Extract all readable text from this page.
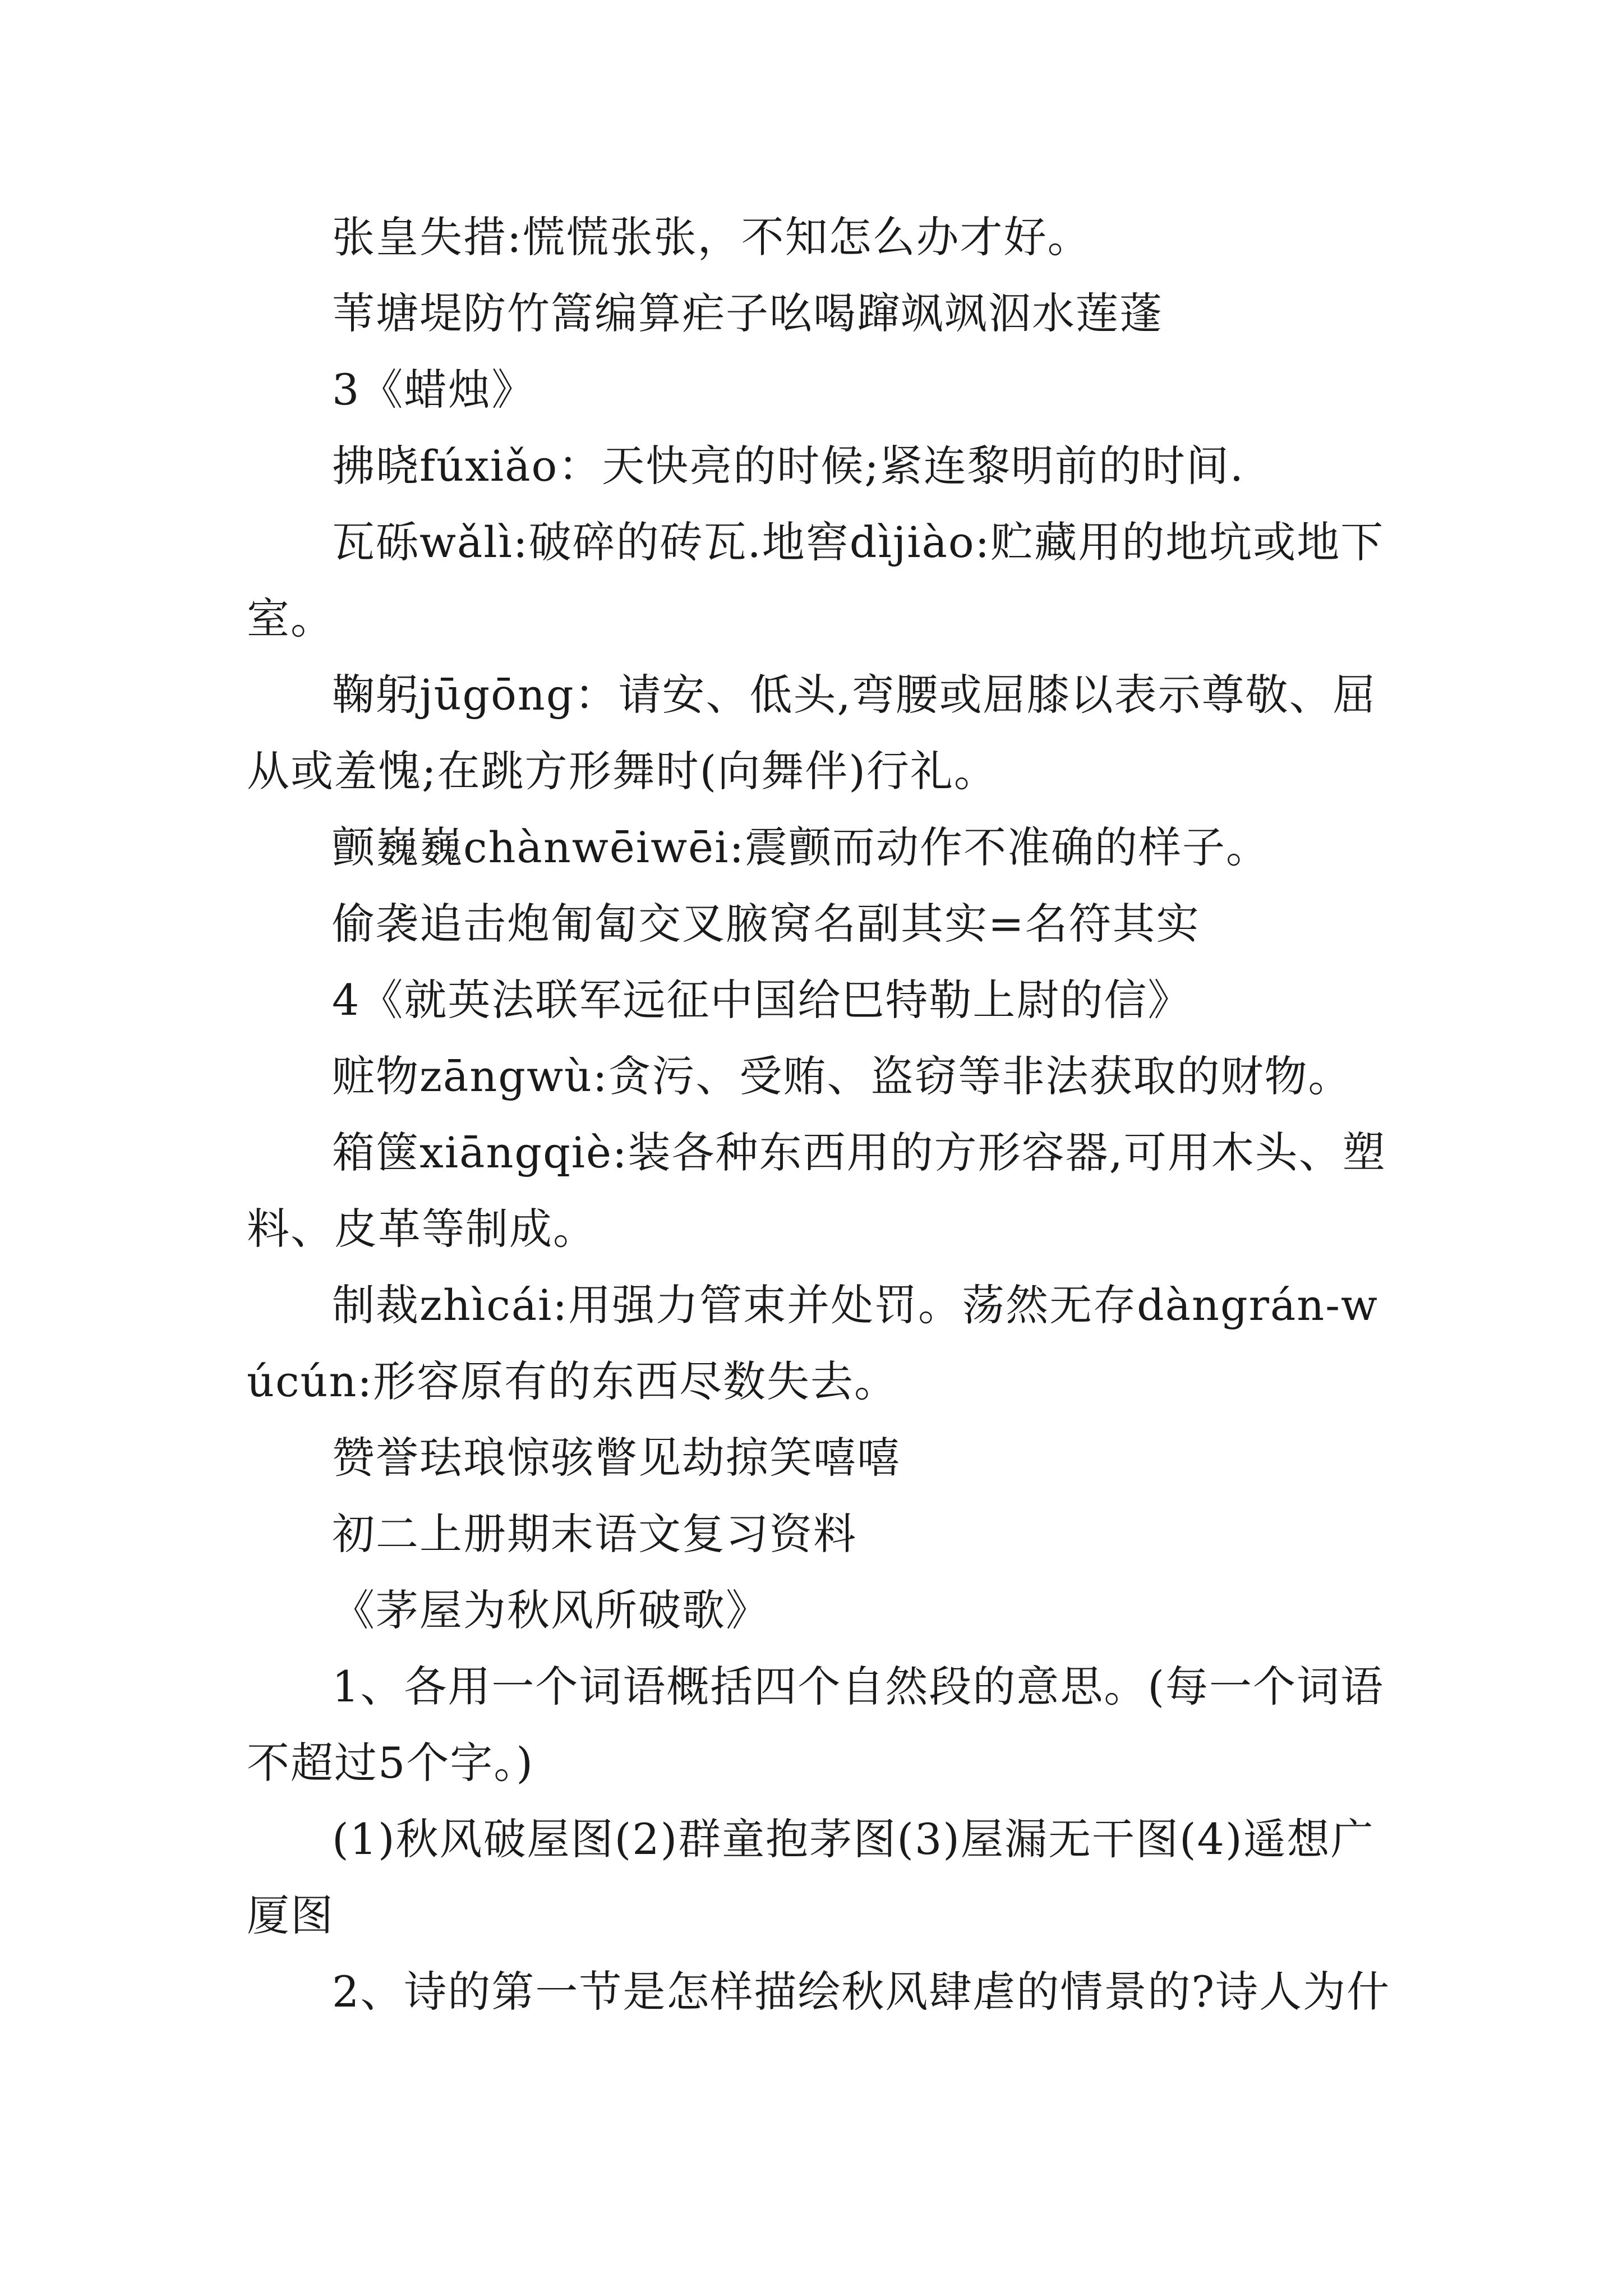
张皇失措:慌慌张张，不知怎么办才好。

苇塘堤防竹篙编算疟子吆喝蹿飒飒泅水莲蓬

3《蜡烛》

拂晓fúxiǎo：天快亮的时候;紧连黎明前的时间.

瓦砾wǎlì:破碎的砖瓦.地窖dìjiào:贮藏用的地坑或地下室。

鞠躬jūgōng：请安、低头,弯腰或屈膝以表示尊敬、屈从或羞愧;在跳方形舞时(向舞伴)行礼。

颤巍巍chànwēiwēi:震颤而动作不准确的样子。

偷袭追击炮匍匐交叉腋窝名副其实=名符其实

4《就英法联军远征中国给巴特勒上尉的信》

赃物zāngwù:贪污、受贿、盗窃等非法获取的财物。

箱箧xiāngqiè:装各种东西用的方形容器,可用木头、塑料、皮革等制成。

制裁zhìcái:用强力管束并处罚。荡然无存dàngrán-wúcún:形容原有的东西尽数失去。

赞誉珐琅惊骇瞥见劫掠笑嘻嘻

初二上册期末语文复习资料

《茅屋为秋风所破歌》

1、各用一个词语概括四个自然段的意思。(每一个词语不超过5个字。)

(1)秋风破屋图(2)群童抱茅图(3)屋漏无干图(4)遥想广厦图

2、诗的第一节是怎样描绘秋风肆虐的情景的?诗人为什
